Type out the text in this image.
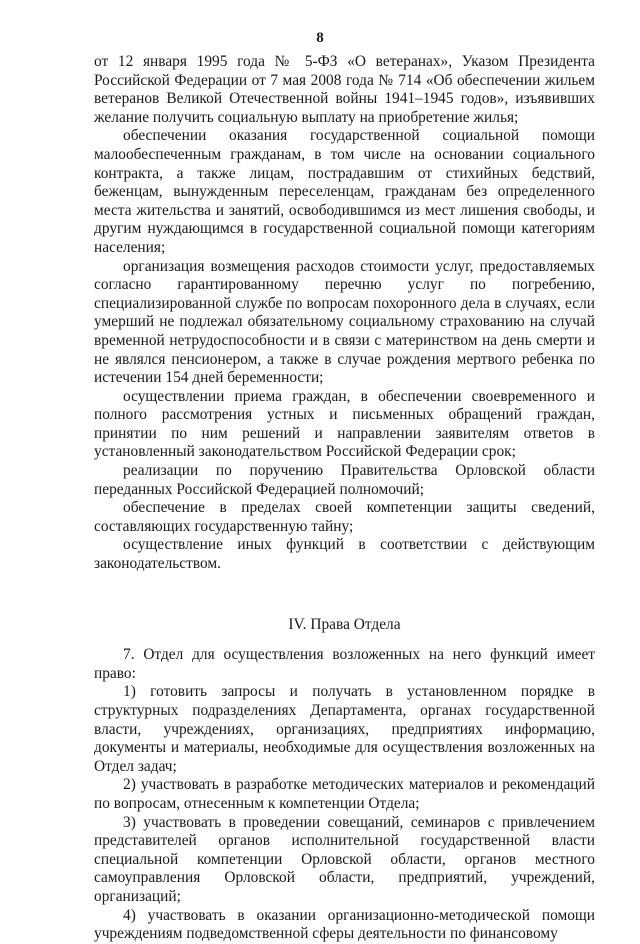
8

от 12 января 1995 года № 5-ФЗ «О ветеранах», Указом Президента Российской Федерации от 7 мая 2008 года № 714 «Об обеспечении жильем ветеранов Великой Отечественной войны 1941–1945 годов», изъявивших желание получить социальную выплату на приобретение жилья;

обеспечении оказания государственной социальной помощи малообеспеченным гражданам, в том числе на основании социального контракта, а также лицам, пострадавшим от стихийных бедствий, беженцам, вынужденным переселенцам, гражданам без определенного места жительства и занятий, освободившимся из мест лишения свободы, и другим нуждающимся в государственной социальной помощи категориям населения;

организация возмещения расходов стоимости услуг, предоставляемых согласно гарантированному перечню услуг по погребению, специализированной службе по вопросам похоронного дела в случаях, если умерший не подлежал обязательному социальному страхованию на случай временной нетрудоспособности и в связи с материнством на день смерти и не являлся пенсионером, а также в случае рождения мертвого ребенка по истечении 154 дней беременности;

осуществлении приема граждан, в обеспечении своевременного и полного рассмотрения устных и письменных обращений граждан, принятии по ним решений и направлении заявителям ответов в установленный законодательством Российской Федерации срок;

реализации по поручению Правительства Орловской области переданных Российской Федерацией полномочий;

обеспечение в пределах своей компетенции защиты сведений, составляющих государственную тайну;

осуществление иных функций в соответствии с действующим законодательством.

IV. Права Отдела

7. Отдел для осуществления возложенных на него функций имеет право:

1) готовить запросы и получать в установленном порядке в структурных подразделениях Департамента, органах государственной власти, учреждениях, организациях, предприятиях информацию, документы и материалы, необходимые для осуществления возложенных на Отдел задач;

2) участвовать в разработке методических материалов и рекомендаций по вопросам, отнесенным к компетенции Отдела;

3) участвовать в проведении совещаний, семинаров с привлечением представителей органов исполнительной государственной власти специальной компетенции Орловской области, органов местного самоуправления Орловской области, предприятий, учреждений, организаций;

4) участвовать в оказании организационно-методической помощи учреждениям подведомственной сферы деятельности по финансовому
